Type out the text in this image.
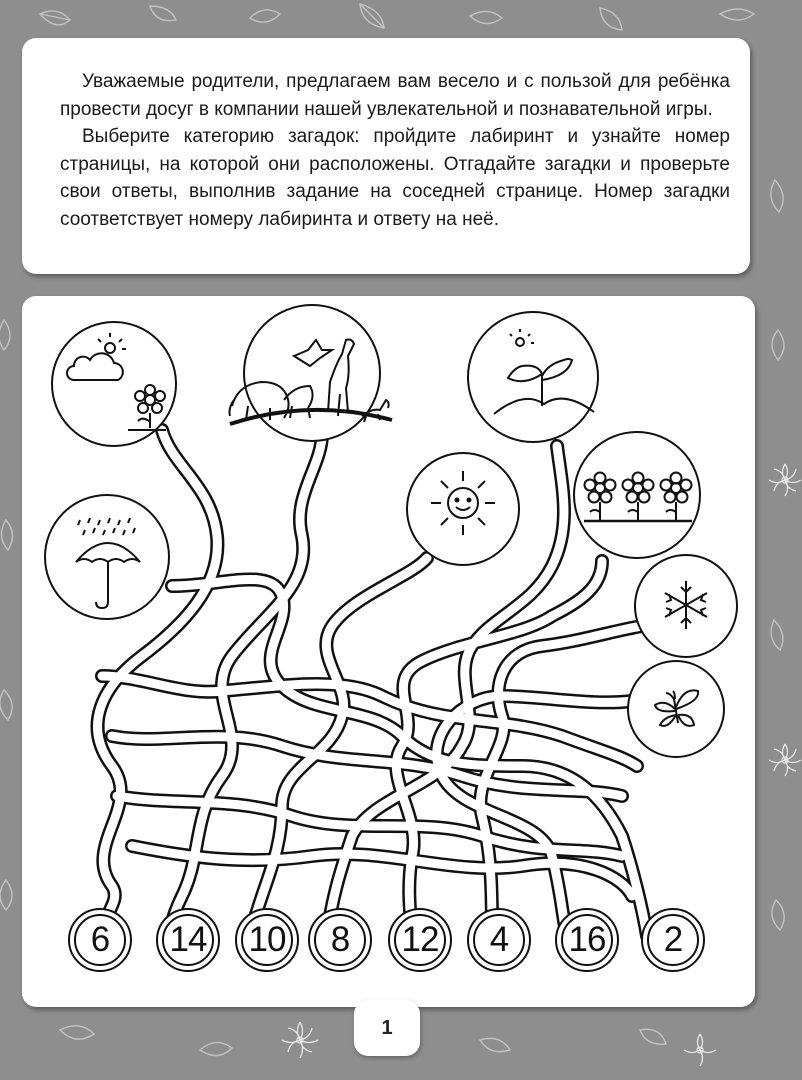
Уважаемые родители, предлагаем вам весело и с пользой для ребёнка провести досуг в компании нашей увлекательной и познавательной игры.

Выберите категорию загадок: пройдите лабиринт и узнайте номер страницы, на которой они расположены. Отгадайте загадки и проверьте свои ответы, выполнив задание на соседней странице. Номер загадки соответствует номеру лабиринта и ответу на неё.

6	14 10	8	12	4	16	2
1
